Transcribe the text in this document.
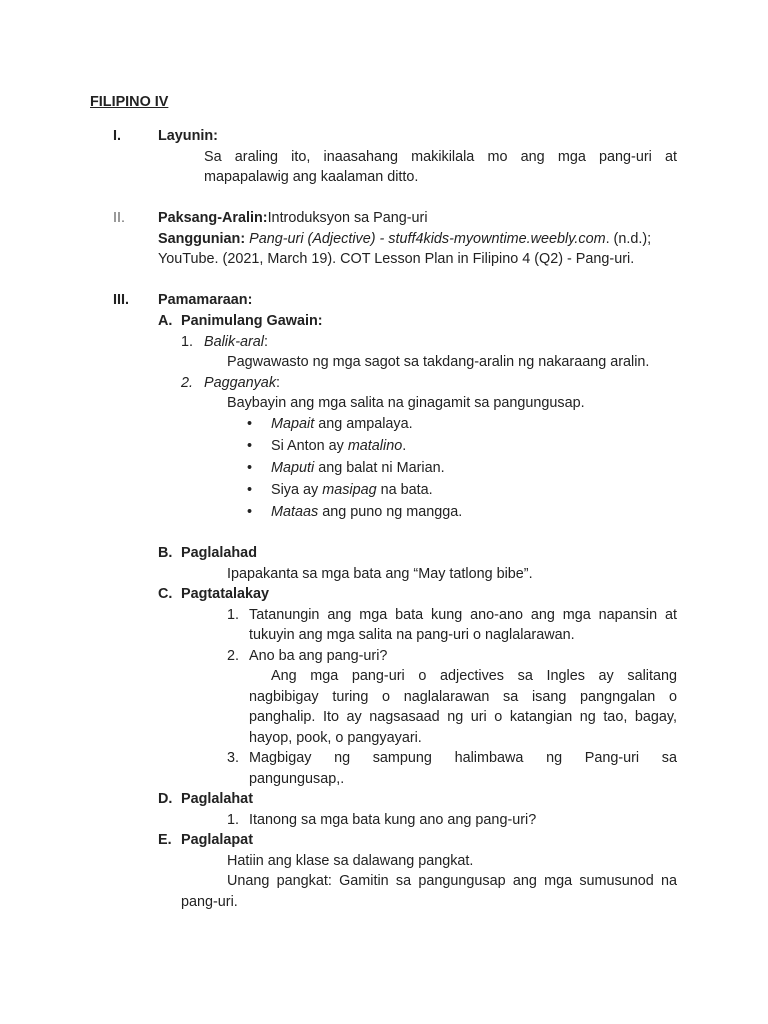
FILIPINO IV
I.	Layunin:
Sa araling ito, inaasahang makikilala mo ang mga pang-uri at
mapapalawig ang kaalaman ditto.
II. Paksang-Aralin:Introduksyon sa Pang-uri
Sanggunian: Pang-uri (Adjective) - stuff4kids-myowntime.weebly.com. (n.d.);
YouTube. (2021, March 19). COT Lesson Plan in Filipino 4 (Q2) - Pang-uri.
III. Pamamaraan:
A. Panimulang Gawain:
1. Balik-aral:
Pagwawasto ng mga sagot sa takdang-aralin ng nakaraang aralin.
2. Pagganyak:
Baybayin ang mga salita na ginagamit sa pangungusap.
• Mapait ang ampalaya.
• Si Anton ay matalino.
• Maputi ang balat ni Marian.
• Siya ay masipag na bata.
• Mataas ang puno ng mangga.
B. Paglalahad
Ipapakanta sa mga bata ang “May tatlong bibe”.
C. Pagtatalakay
1. Tatanungin ang mga bata kung ano-ano ang mga napansin at
tukuyin ang mga salita na pang-uri o naglalarawan.
2. Ano ba ang pang-uri?
Ang mga pang-uri o adjectives sa Ingles ay salitang
nagbibigay turing o naglalarawan sa isang pangngalan o
panghalip. Ito ay nagsasaad ng uri o katangian ng tao, bagay,
hayop, pook, o pangyayari.
3. Magbigay ng sampung halimbawa ng Pang-uri sa
pangungusap,.
D. Paglalahat
1. Itanong sa mga bata kung ano ang pang-uri?
E. Paglalapat
Hatiin ang klase sa dalawang pangkat.
Unang pangkat: Gamitin sa pangungusap ang mga sumusunod na
pang-uri.
